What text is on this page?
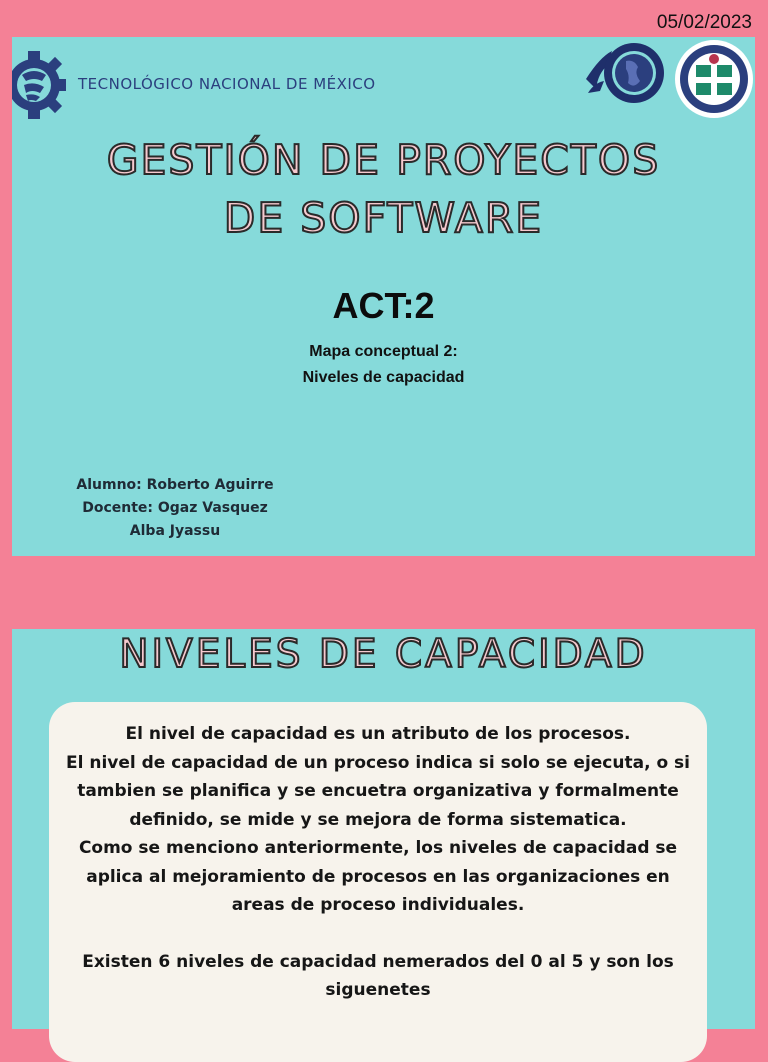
05/02/2023
TECNOLÓGICO NACIONAL DE MÉXICO
GESTIÓN DE PROYECTOS
DE SOFTWARE
ACT:2
Mapa conceptual 2:
Niveles de capacidad
Alumno: Roberto Aguirre
Docente: Ogaz Vasquez
Alba Jyassu
NIVELES DE CAPACIDAD
El nivel de capacidad es un atributo de los procesos.
El nivel de capacidad de un proceso indica si solo se ejecuta, o si tambien se planifica y se encuetra organizativa y formalmente definido, se mide y se mejora de forma sistematica.
Como se menciono anteriormente, los niveles de capacidad se aplica al mejoramiento de procesos en las organizaciones en areas de proceso individuales.
Existen 6 niveles de capacidad nemerados del 0 al 5 y son los siguenetes
